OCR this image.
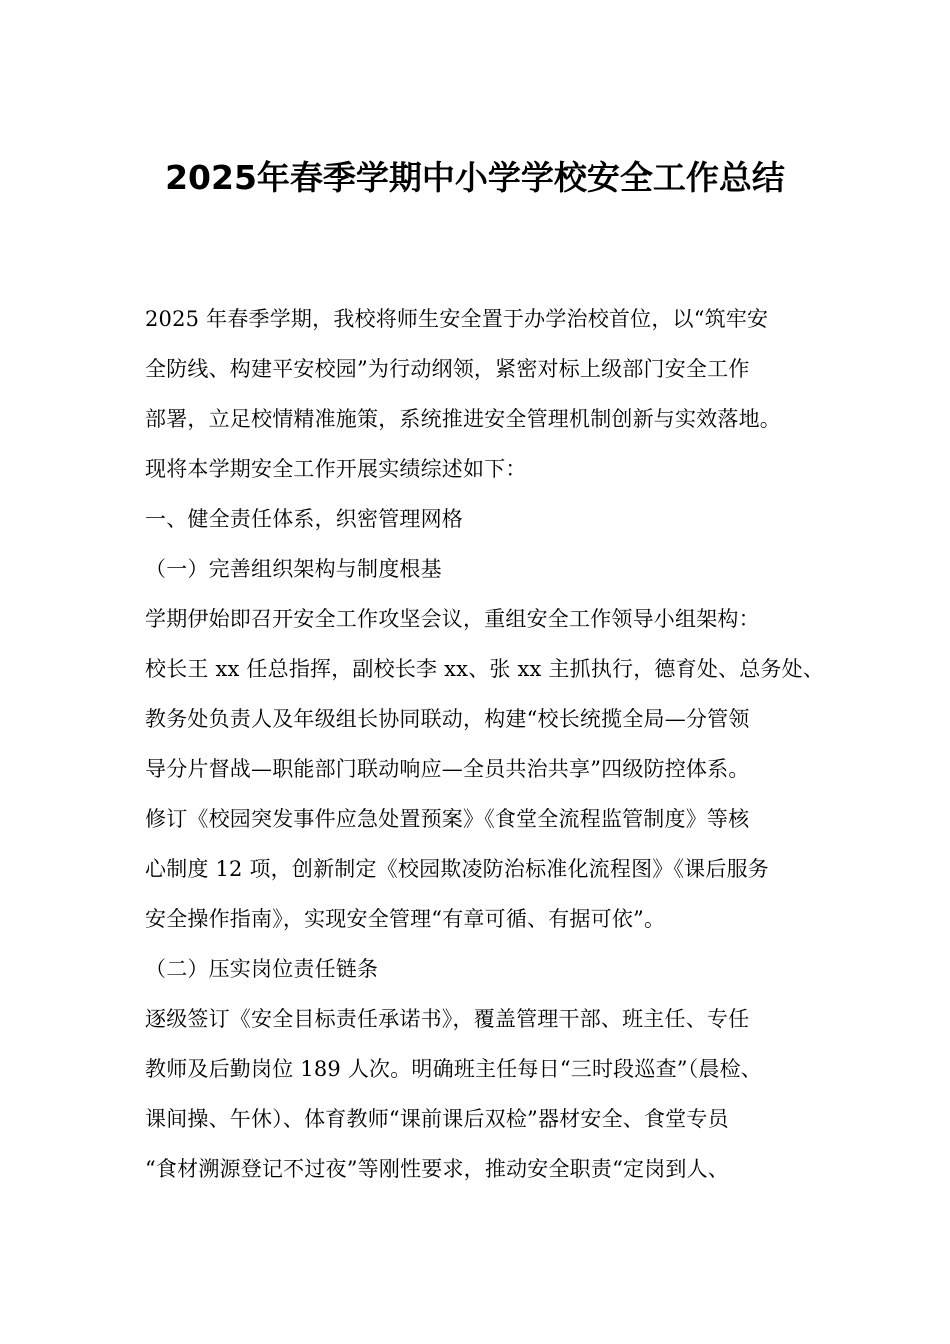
2025年春季学期中小学学校安全工作总结
2025 年春季学期，我校将师生安全置于办学治校首位，以“筑牢安
全防线、构建平安校园”为行动纲领，紧密对标上级部门安全工作
部署，立足校情精准施策，系统推进安全管理机制创新与实效落地。
现将本学期安全工作开展实绩综述如下：
一、健全责任体系，织密管理网格
（一）完善组织架构与制度根基
学期伊始即召开安全工作攻坚会议，重组安全工作领导小组架构：
校长王 xx 任总指挥，副校长李 xx、张 xx 主抓执行，德育处、总务处、
教务处负责人及年级组长协同联动，构建“校长统揽全局—分管领
导分片督战—职能部门联动响应—全员共治共享”四级防控体系。
修订《校园突发事件应急处置预案》《食堂全流程监管制度》等核
心制度 12 项，创新制定《校园欺凌防治标准化流程图》《课后服务
安全操作指南》，实现安全管理“有章可循、有据可依”。
（二）压实岗位责任链条
逐级签订《安全目标责任承诺书》，覆盖管理干部、班主任、专任
教师及后勤岗位 189 人次。明确班主任每日“三时段巡查”（晨检、
课间操、午休）、体育教师“课前课后双检”器材安全、食堂专员
“食材溯源登记不过夜”等刚性要求，推动安全职责“定岗到人、
